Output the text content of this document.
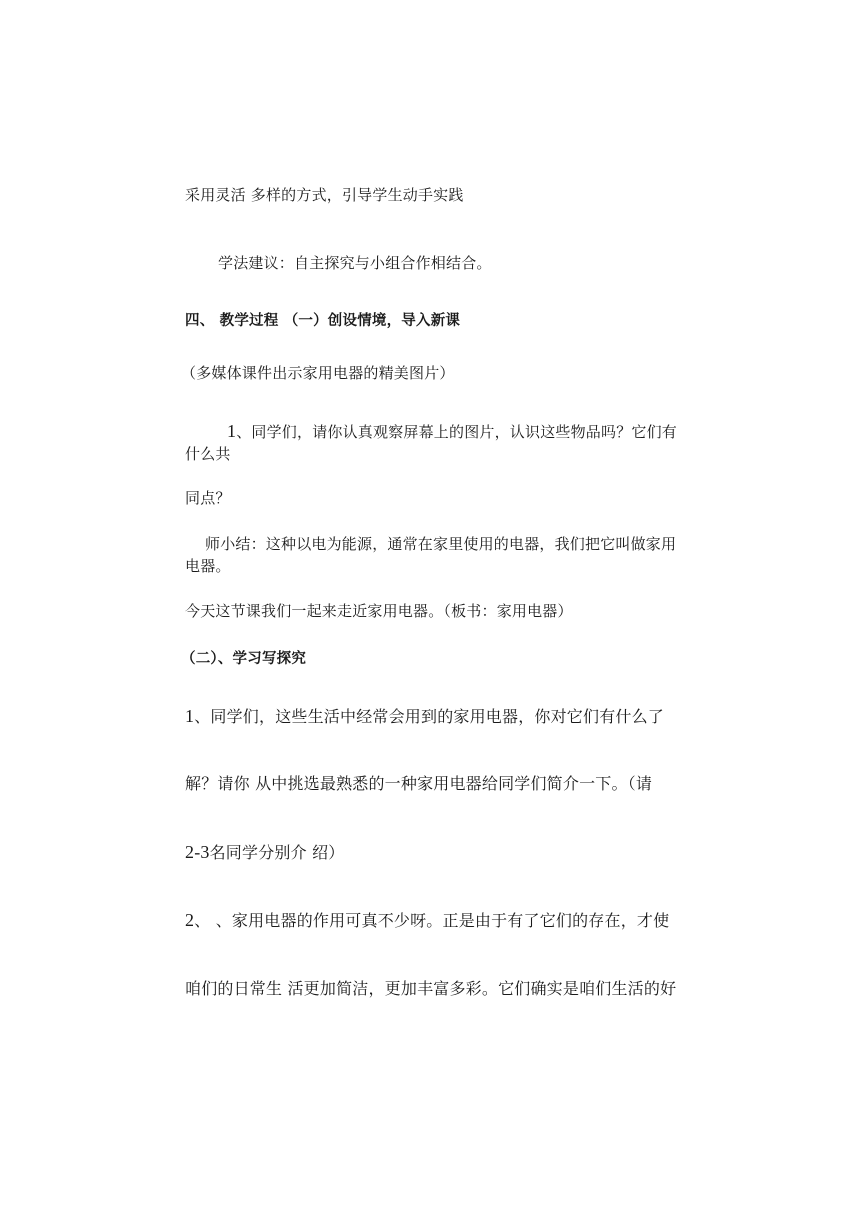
采用灵活 多样的方式，引导学生动手实践
学法建议：自主探究与小组合作相结合。
四、 教学过程 （一）创设情境，导入新课
（多媒体课件出示家用电器的精美图片）
1、同学们，请你认真观察屏幕上的图片，认识这些物品吗？它们有什么共
同点？
师小结：这种以电为能源，通常在家里使用的电器，我们把它叫做家用电器。
今天这节课我们一起来走近家用电器。（板书：家用电器）
（二）、学习写探究
1、同学们，这些生活中经常会用到的家用电器，你对它们有什么了
解？请你 从中挑选最熟悉的一种家用电器给同学们简介一下。（请
2-3名同学分别介 绍）
2、 、家用电器的作用可真不少呀。正是由于有了它们的存在，才使
咱们的日常生 活更加简洁，更加丰富多彩。它们确实是咱们生活的好
